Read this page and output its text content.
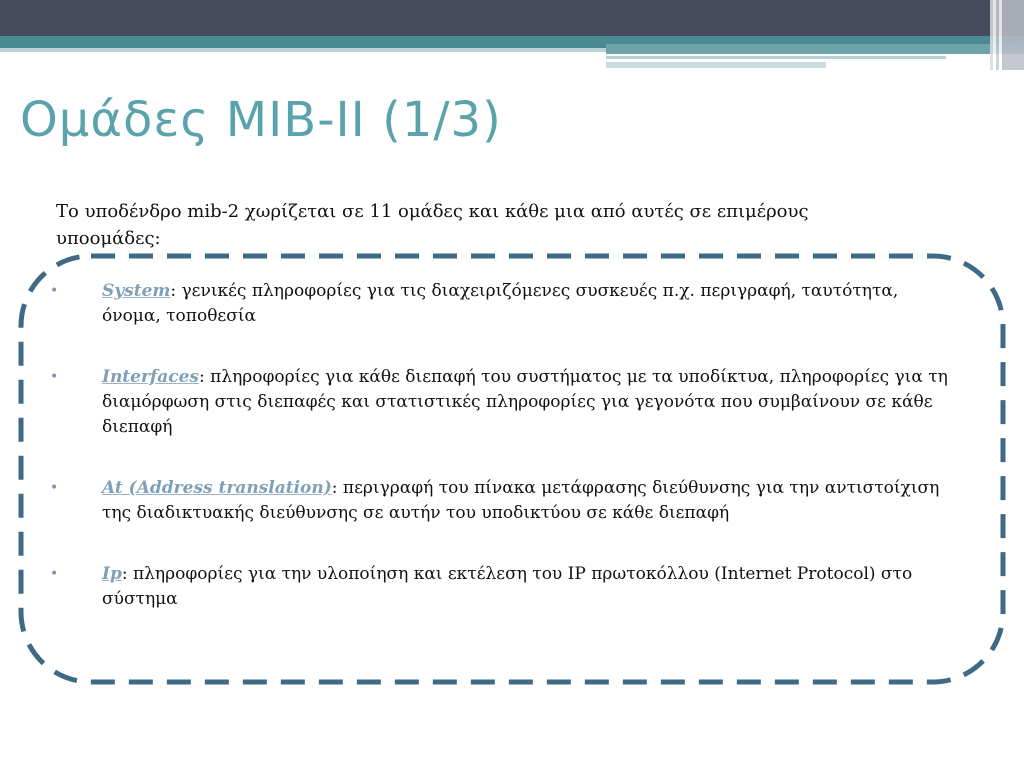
Ομάδες MIB-II (1/3)

Το υποδένδρο mib-2 χωρίζεται σε 11 ομάδες και κάθε μια από αυτές σε επιμέρους υποομάδες:

•	System: γενικές πληροφορίες για τις διαχειριζόμενες συσκευές π.χ. περιγραφή, ταυτότητα, όνομα, τοποθεσία
•	Interfaces: πληροφορίες για κάθε διεπαφή του συστήματος με τα υποδίκτυα, πληροφορίες για τη διαμόρφωση στις διεπαφές και στατιστικές πληροφορίες για γεγονότα που συμβαίνουν σε κάθε διεπαφή
•	At (Address translation): περιγραφή του πίνακα μετάφρασης διεύθυνσης για την αντιστοίχιση της διαδικτυακής διεύθυνσης σε αυτήν του υποδικτύου σε κάθε διεπαφή
•	Ip: πληροφορίες για την υλοποίηση και εκτέλεση του IP πρωτοκόλλου (Internet Protocol) στο σύστημα
